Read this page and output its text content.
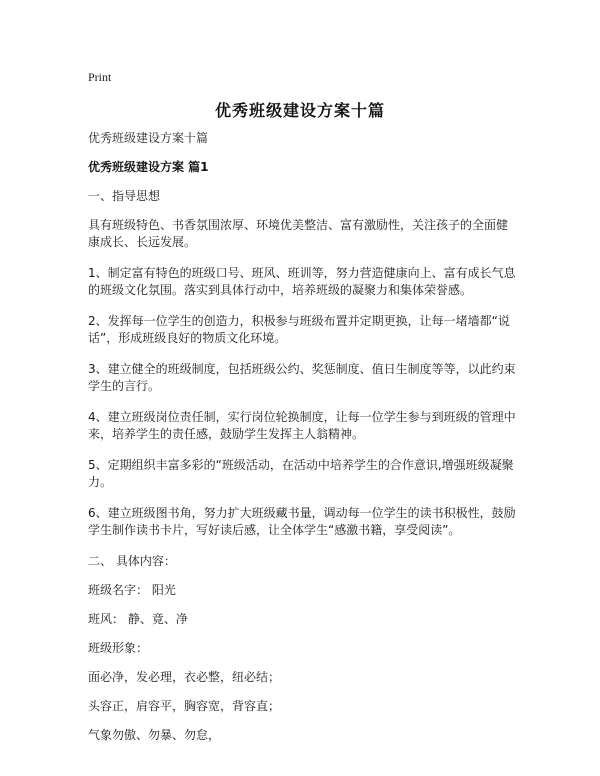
Print
优秀班级建设方案十篇
优秀班级建设方案十篇
优秀班级建设方案 篇1
一、指导思想
具有班级特色、书香氛围浓厚、环境优美整洁、富有激励性，关注孩子的全面健康成长、长远发展。
1、制定富有特色的班级口号、班风、班训等，努力营造健康向上、富有成长气息的班级文化氛围。落实到具体行动中，培养班级的凝聚力和集体荣誉感。
2、发挥每一位学生的创造力，积极参与班级布置并定期更换，让每一堵墙都“说话”，形成班级良好的物质文化环境。
3、建立健全的班级制度，包括班级公约、奖惩制度、值日生制度等等，以此约束学生的言行。
4、建立班级岗位责任制，实行岗位轮换制度，让每一位学生参与到班级的管理中来，培养学生的责任感，鼓励学生发挥主人翁精神。
5、定期组织丰富多彩的“班级活动，在活动中培养学生的合作意识,增强班级凝聚力。
6、建立班级图书角，努力扩大班级藏书量，调动每一位学生的读书积极性，鼓励学生制作读书卡片，写好读后感，让全体学生“感激书籍，享受阅读”。
二、 具体内容：
班级名字： 阳光
班风： 静、竟、净
班级形象：
面必净，发必理，衣必整，纽必结；
头容正，肩容平，胸容宽，背容直；
气象勿傲、勿暴、勿怠，
